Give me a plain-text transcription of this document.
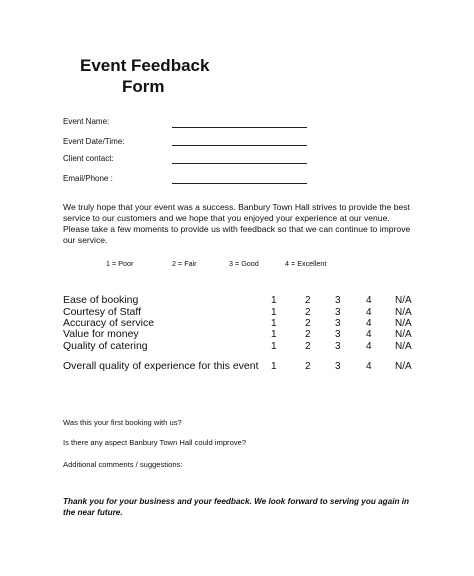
Event Feedback
Form
Event Name:
Event Date/Time:
Client contact:
Email/Phone :
We truly hope that your event was a success. Banbury Town Hall strives to provide the best service to our customers and we hope that you enjoyed your experience at our venue. Please take a few moments to provide us with feedback so that we can continue to improve our service.
1 = Poor	2 = Fair	3 = Good	4 = Excellent
Ease of booking	1	2 3	4 N/A
Courtesy of Staff	1	2 3	4 N/A
Accuracy of service	1	2 3	4 N/A
Value for money	1	2 3	4 N/A
Quality of catering	1	2 3	4 N/A
Overall quality of experience for this event 1	2 3	4 N/A
Was this your first booking with us?
Is there any aspect Banbury Town Hall could improve?
Additional comments / suggestions:
Thank you for your business and your feedback. We look forward to serving you again in the near future.
